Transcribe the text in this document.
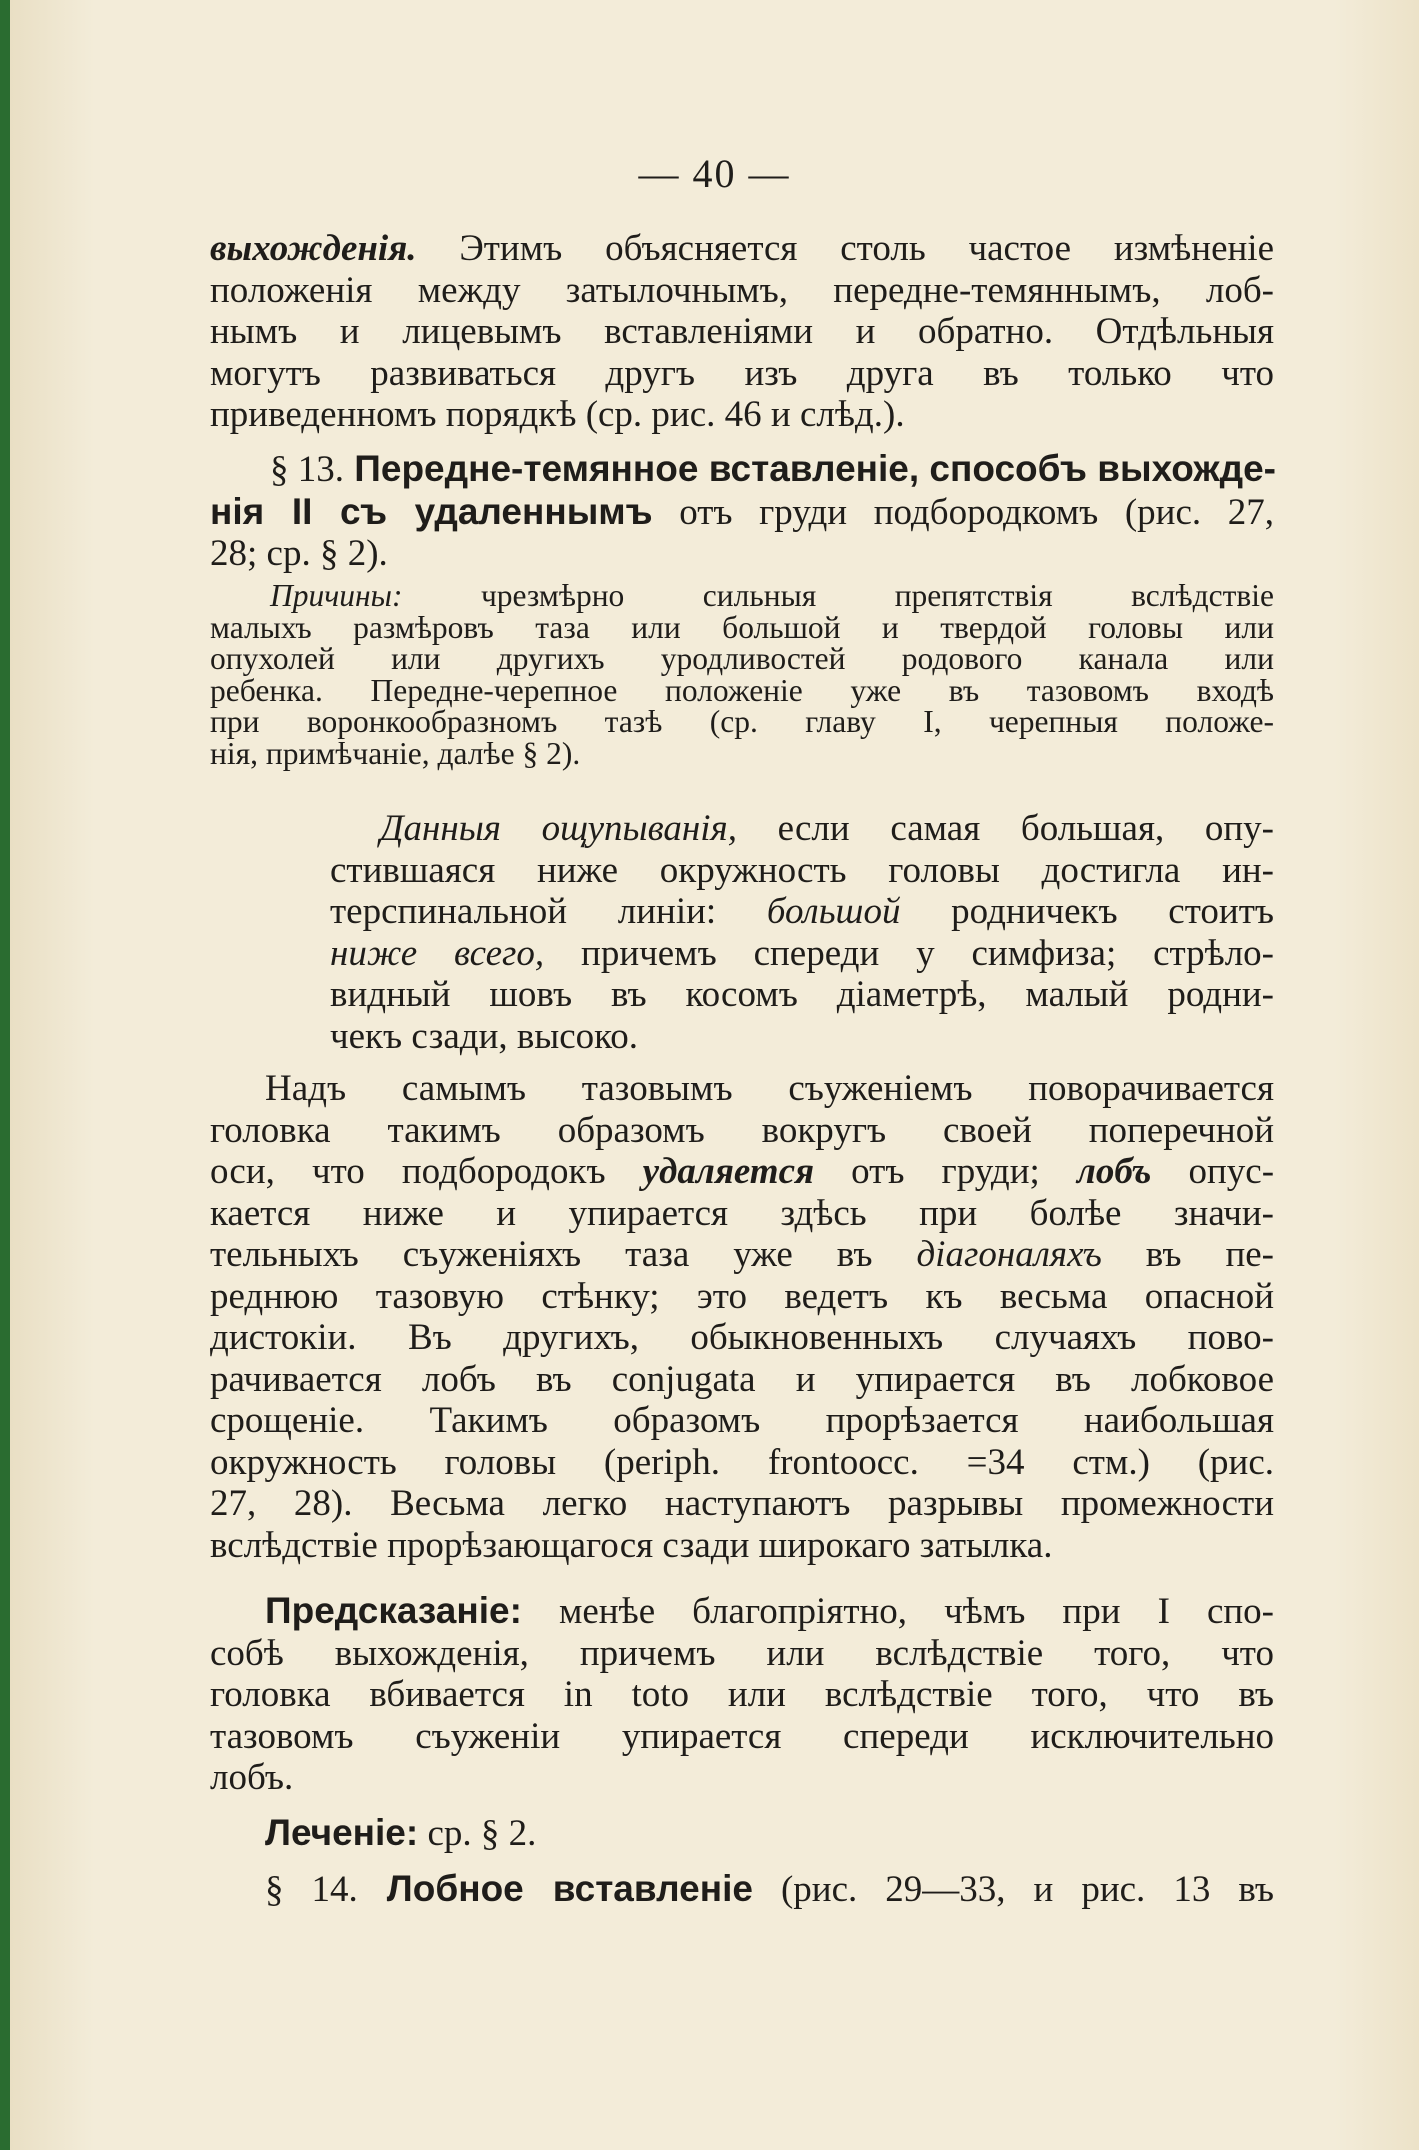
— 40 —
выхожденія. Этимъ объясняется столь частое измѣненіе
положенія между затылочнымъ, передне-темяннымъ, лоб-
нымъ и лицевымъ вставленіями и обратно. Отдѣльныя
могутъ развиваться другъ изъ друга въ только что
приведенномъ порядкѣ (ср. рис. 46 и слѣд.).
§ 13. Передне-темянное вставленіе, способъ выхожде-
нія II съ удаленнымъ отъ груди подбородкомъ (рис. 27,
28; ср. § 2).
Причины: чрезмѣрно сильныя препятствія вслѣдствіе
малыхъ размѣровъ таза или большой и твердой головы или
опухолей или другихъ уродливостей родового канала или
ребенка. Передне-черепное положеніе уже въ тазовомъ входѣ
при воронкообразномъ тазѣ (ср. главу I, черепныя положе-
нія, примѣчаніе, далѣе § 2).
Данныя ощупыванія, если самая большая, опу-
стившаяся ниже окружность головы достигла ин-
терспинальной линіи: большой родничекъ стоитъ
ниже всего, причемъ спереди у симфиза; стрѣло-
видный шовъ въ косомъ діаметрѣ, малый родни-
чекъ сзади, высоко.
Надъ самымъ тазовымъ съуженіемъ поворачивается
головка такимъ образомъ вокругъ своей поперечной
оси, что подбородокъ удаляется отъ груди; лобъ опус-
кается ниже и упирается здѣсь при болѣе значи-
тельныхъ съуженіяхъ таза уже въ діагоналяхъ въ пе-
реднюю тазовую стѣнку; это ведетъ къ весьма опасной
дистокіи. Въ другихъ, обыкновенныхъ случаяхъ пово-
рачивается лобъ въ conjugata и упирается въ лобковое
срощеніе. Такимъ образомъ прорѣзается наибольшая
окружность головы (periph. frontoocc. =34 стм.) (рис.
27, 28). Весьма легко наступаютъ разрывы промежности
вслѣдствіе прорѣзающагося сзади широкаго затылка.
Предсказаніе: менѣе благопріятно, чѣмъ при I спо-
собѣ выхожденія, причемъ или вслѣдствіе того, что
головка вбивается in toto или вслѣдствіе того, что въ
тазовомъ съуженіи упирается спереди исключительно
лобъ.
Леченіе: ср. § 2.
§ 14. Лобное вставленіе (рис. 29—33, и рис. 13 въ
